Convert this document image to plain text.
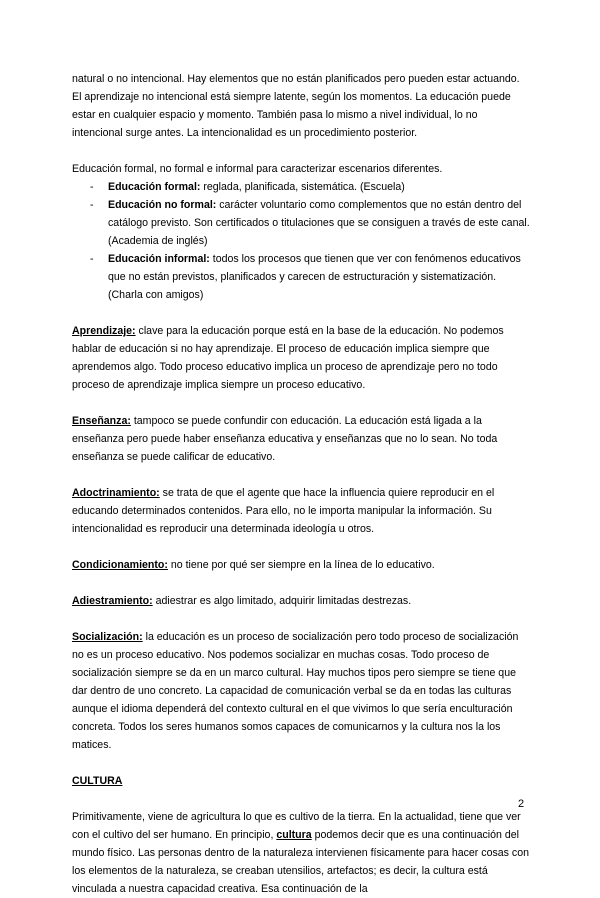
natural o no intencional. Hay elementos que no están planificados pero pueden estar actuando. El aprendizaje no intencional está siempre latente, según los momentos. La educación puede estar en cualquier espacio y momento. También pasa lo mismo a nivel individual, lo no intencional surge antes. La intencionalidad es un procedimiento posterior.

Educación formal, no formal e informal para caracterizar escenarios diferentes.

- Educación formal: reglada, planificada, sistemática. (Escuela)
- Educación no formal: carácter voluntario como complementos que no están dentro del catálogo previsto. Son certificados o titulaciones que se consiguen a través de este canal. (Academia de inglés)
- Educación informal: todos los procesos que tienen que ver con fenómenos educativos que no están previstos, planificados y carecen de estructuración y sistematización. (Charla con amigos)

Aprendizaje: clave para la educación porque está en la base de la educación. No podemos hablar de educación si no hay aprendizaje. El proceso de educación implica siempre que aprendemos algo. Todo proceso educativo implica un proceso de aprendizaje pero no todo proceso de aprendizaje implica siempre un proceso educativo.

Enseñanza: tampoco se puede confundir con educación. La educación está ligada a la enseñanza pero puede haber enseñanza educativa y enseñanzas que no lo sean. No toda enseñanza se puede calificar de educativo.

Adoctrinamiento: se trata de que el agente que hace la influencia quiere reproducir en el educando determinados contenidos. Para ello, no le importa manipular la información. Su intencionalidad es reproducir una determinada ideología u otros.

Condicionamiento: no tiene por qué ser siempre en la línea de lo educativo.

Adiestramiento: adiestrar es algo limitado, adquirir limitadas destrezas.

Socialización: la educación es un proceso de socialización pero todo proceso de socialización no es un proceso educativo. Nos podemos socializar en muchas cosas. Todo proceso de socialización siempre se da en un marco cultural. Hay muchos tipos pero siempre se tiene que dar dentro de uno concreto. La capacidad de comunicación verbal se da en todas las culturas aunque el idioma dependerá del contexto cultural en el que vivimos lo que sería enculturación concreta. Todos los seres humanos somos capaces de comunicarnos y la cultura nos la los matices.

CULTURA

Primitivamente, viene de agricultura lo que es cultivo de la tierra. En la actualidad, tiene que ver con el cultivo del ser humano. En principio, cultura podemos decir que es una continuación del mundo físico. Las personas dentro de la naturaleza intervienen físicamente para hacer cosas con los elementos de la naturaleza, se creaban utensilios, artefactos; es decir, la cultura está vinculada a nuestra capacidad creativa. Esa continuación de la

2
